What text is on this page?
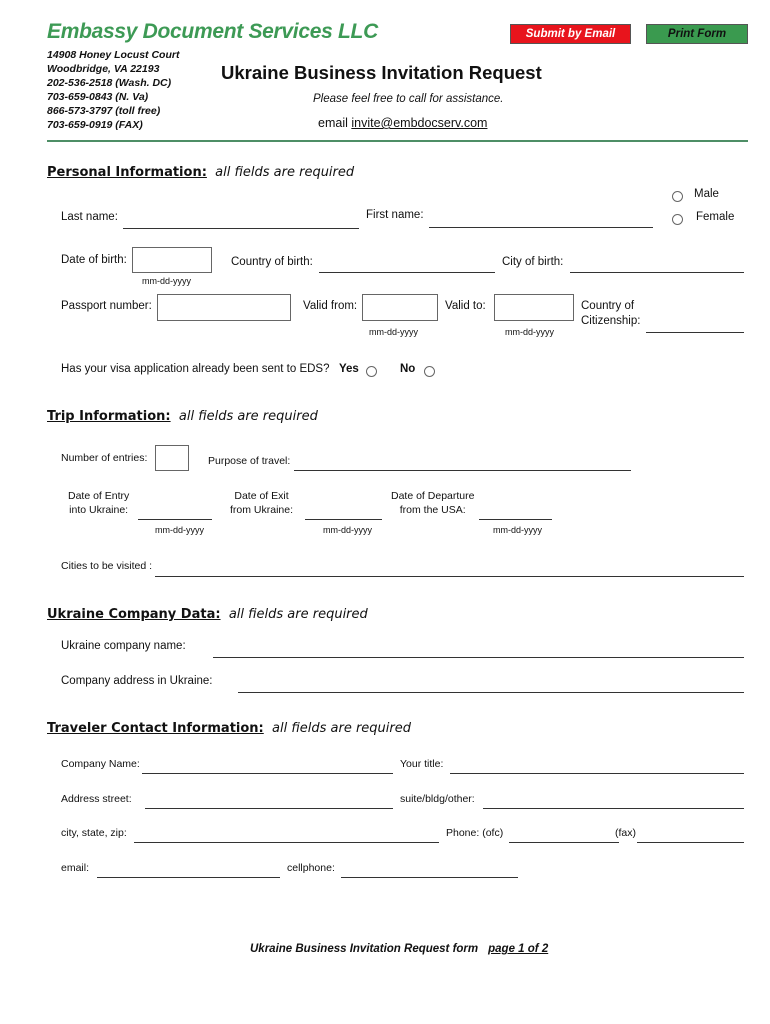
Embassy Document Services LLC
14908 Honey Locust Court
Woodbridge, VA 22193
202-536-2518 (Wash. DC)
703-659-0843 (N. Va)
866-573-3797 (toll free)
703-659-0919 (FAX)
Submit by Email	Print Form
Ukraine Business Invitation Request
Please feel free to call for assistance.
email invite@embdocserv.com
Personal Information: all fields are required
Male
Female
Last name:	First name:
Date of birth:
mm-dd-yyyy
Country of birth:	City of birth:
Passport number:	Valid from:
mm-dd-yyyy
Valid to:
mm-dd-yyyy
Country of
Citizenship:
Has your visa application already been sent to EDS? Yes	No
Trip Information: all fields are required
Number of entries:	Purpose of travel:
Date of Entry
into Ukraine:
mm-dd-yyyy
Date of Exit
from Ukraine:
mm-dd-yyyy
Date of Departure
from the USA:
mm-dd-yyyy
Cities to be visited :
Ukraine Company Data: all fields are required
Ukraine company name:
Company address in Ukraine:
Traveler Contact Information: all fields are required
Company Name:	Your title:
Address street:	suite/bldg/other:
city, state, zip:	Phone: (ofc)	(fax)
email:	cellphone:
Ukraine Business Invitation Request form page 1 of 2
